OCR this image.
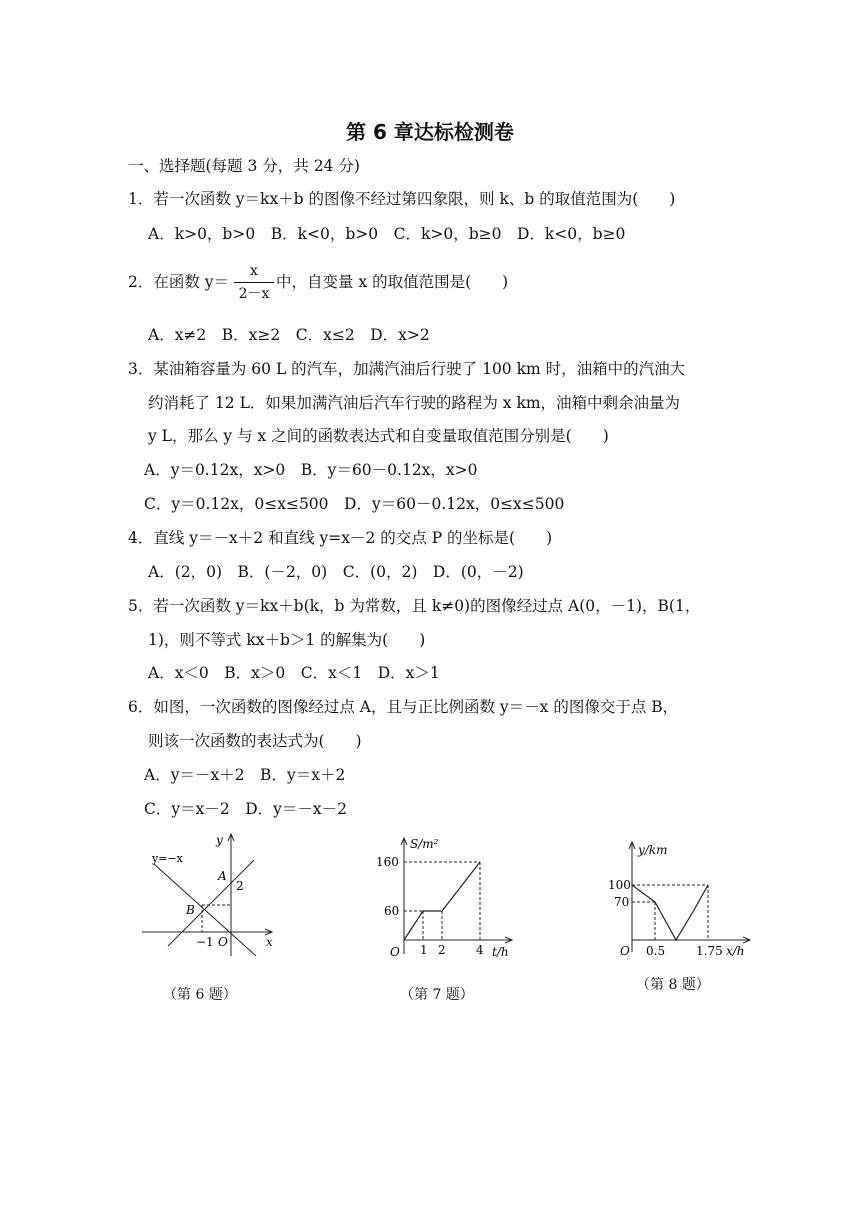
第 6 章达标检测卷
一、选择题(每题 3 分，共 24 分)
1．若一次函数 y＝kx＋b 的图像不经过第四象限，则 k、b 的取值范围为(　　)
A．k>0，b>0　B．k<0，b>0　C．k>0，b≥0　D．k<0，b≥0
2．在函数 y＝
x
2－x
中，自变量 x 的取值范围是(　　)
A．x≠2　B．x≥2　C．x≤2　D．x>2
3．某油箱容量为 60 L 的汽车，加满汽油后行驶了 100 km 时，油箱中的汽油大
约消耗了 12 L．如果加满汽油后汽车行驶的路程为 x km，油箱中剩余油量为
y L，那么 y 与 x 之间的函数表达式和自变量取值范围分别是(　　)
A．y＝0.12x，x>0　B．y＝60－0.12x，x>0
C．y＝0.12x，0≤x≤500　D．y＝60－0.12x，0≤x≤500
4．直线 y＝－x＋2 和直线 y=x－2 的交点 P 的坐标是(　　)
A．(2，0)　B．(－2，0)　C．(0，2)　D．(0，－2)
5．若一次函数 y＝kx＋b(k，b 为常数，且 k≠0)的图像经过点 A(0，－1)，B(1，
1)，则不等式 kx＋b＞1 的解集为(　　)
A．x＜0　B．x＞0　C．x＜1　D．x＞1
6．如图，一次函数的图像经过点 A，且与正比例函数 y＝－x 的图像交于点 B，
则该一次函数的表达式为(　　)
A．y＝－x＋2　B．y＝x＋2
C．y＝x－2　D．y＝－x－2
y=−x
y
x
O
A
B
2
−1
（第 6 题）
S/m²
t/h
O
160
60
1 2	4
（第 7 题）
y/km
x/h
O
100
70
0.5	1.75
（第 8 题）
